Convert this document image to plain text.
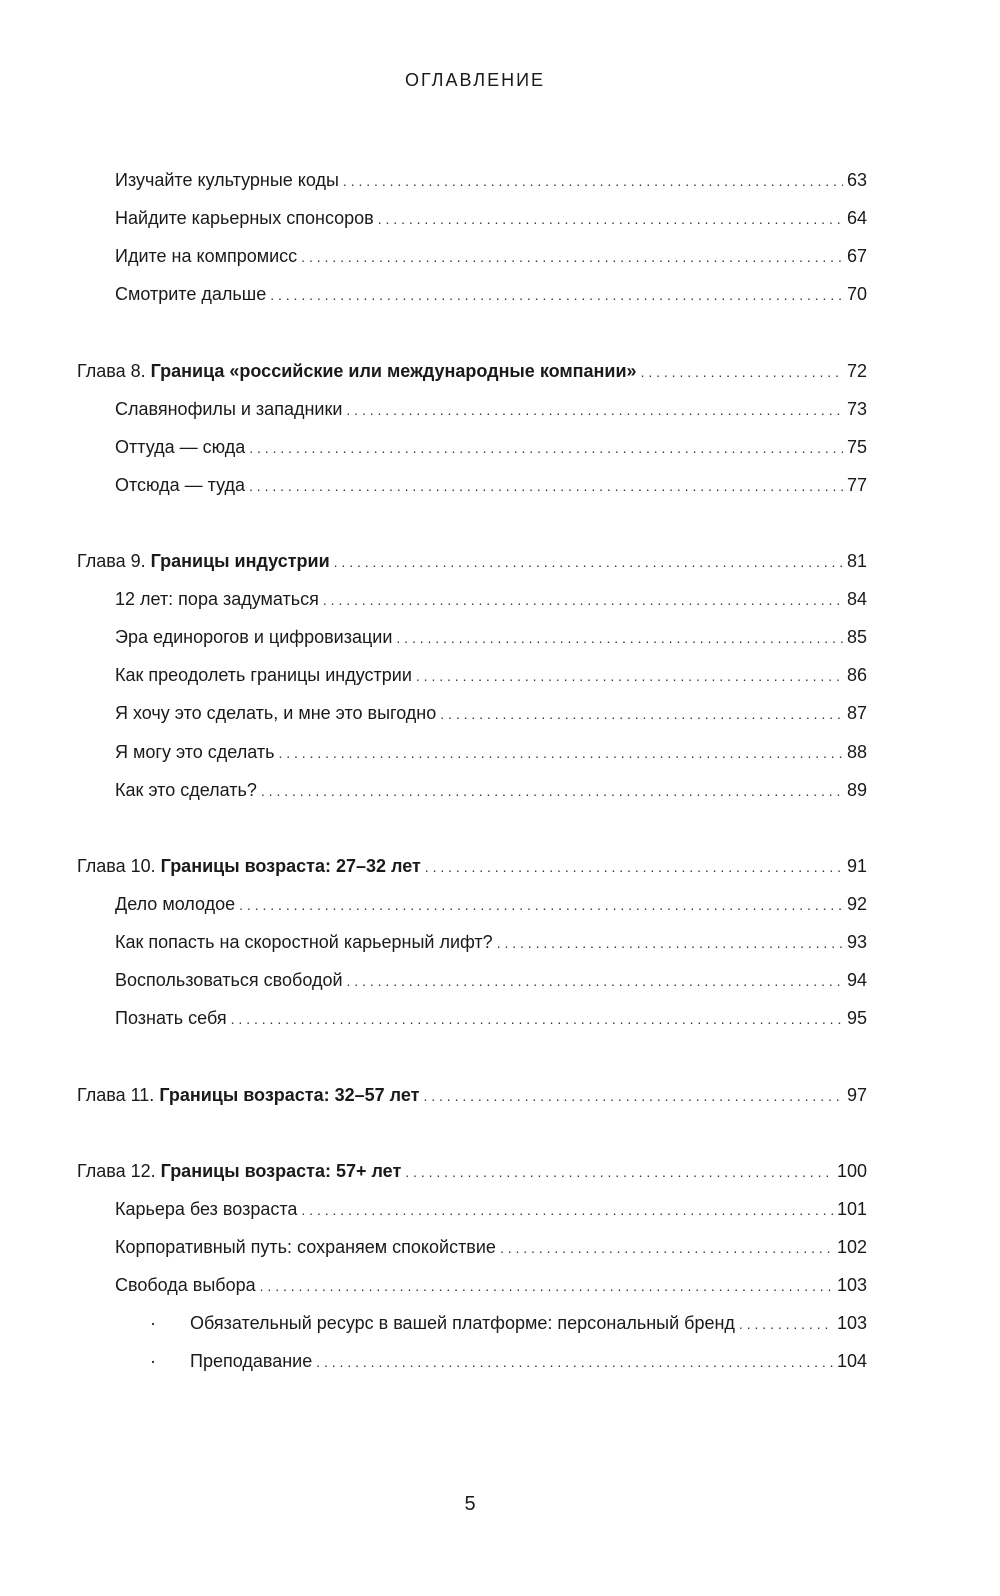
ОГЛАВЛЕНИЕ
Изучайте культурные коды . . .	63
Найдите карьерных спонсоров . . .	64
Идите на компромисс . . .	67
Смотрите дальше . . .	70
Глава 8. Граница «российские или международные компании» . . .	72
Славянофилы и западники . . .	73
Оттуда — сюда . . .	75
Отсюда — туда . . .	77
Глава 9. Границы индустрии . . .	81
12 лет: пора задуматься . . .	84
Эра единорогов и цифровизации . . .	85
Как преодолеть границы индустрии . . .	86
Я хочу это сделать, и мне это выгодно . . .	87
Я могу это сделать . . .	88
Как это сделать? . . .	89
Глава 10. Границы возраста: 27–32 лет . . .	91
Дело молодое . . .	92
Как попасть на скоростной карьерный лифт? . . .	93
Воспользоваться свободой . . .	94
Познать себя . . .	95
Глава 11. Границы возраста: 32–57 лет . . .	97
Глава 12. Границы возраста: 57+ лет . . .	100
Карьера без возраста . . .	101
Корпоративный путь: сохраняем спокойствие . . .	102
Свобода выбора . . .	103
·	Обязательный ресурс в вашей платформе: персональный бренд . . .	103
·	Преподавание . . .	104
5
